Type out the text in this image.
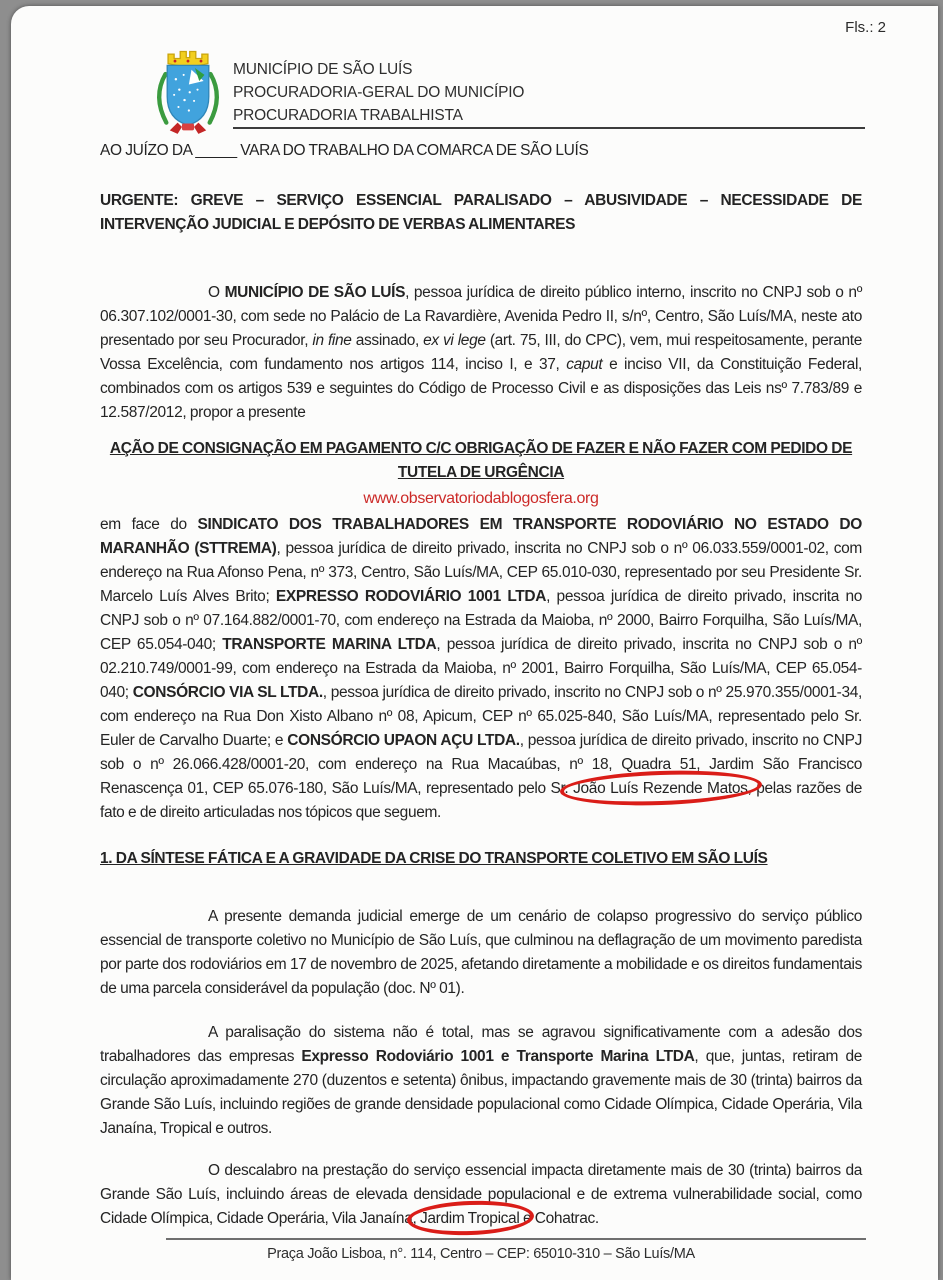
Fls.: 2
MUNICÍPIO DE SÃO LUÍS
PROCURADORIA-GERAL DO MUNICÍPIO
PROCURADORIA TRABALHISTA

AO JUÍZO DA _____ VARA DO TRABALHO DA COMARCA DE SÃO LUÍS

URGENTE: GREVE – SERVIÇO ESSENCIAL PARALISADO – ABUSIVIDADE – NECESSIDADE DE INTERVENÇÃO JUDICIAL E DEPÓSITO DE VERBAS ALIMENTARES

O MUNICÍPIO DE SÃO LUÍS, pessoa jurídica de direito público interno, inscrito no CNPJ sob o nº 06.307.102/0001-30, com sede no Palácio de La Ravardière, Avenida Pedro II, s/nº, Centro, São Luís/MA, neste ato presentado por seu Procurador, in fine assinado, ex vi lege (art. 75, III, do CPC), vem, mui respeitosamente, perante Vossa Excelência, com fundamento nos artigos 114, inciso I, e 37, caput e inciso VII, da Constituição Federal, combinados com os artigos 539 e seguintes do Código de Processo Civil e as disposições das Leis nsº 7.783/89 e 12.587/2012, propor a presente

AÇÃO DE CONSIGNAÇÃO EM PAGAMENTO C/C OBRIGAÇÃO DE FAZER E NÃO FAZER COM PEDIDO DE TUTELA DE URGÊNCIA

www.observatoriodablogosfera.org

em face do SINDICATO DOS TRABALHADORES EM TRANSPORTE RODOVIÁRIO NO ESTADO DO MARANHÃO (STTREMA), pessoa jurídica de direito privado, inscrita no CNPJ sob o nº 06.033.559/0001-02, com endereço na Rua Afonso Pena, nº 373, Centro, São Luís/MA, CEP 65.010-030, representado por seu Presidente Sr. Marcelo Luís Alves Brito; EXPRESSO RODOVIÁRIO 1001 LTDA, pessoa jurídica de direito privado, inscrita no CNPJ sob o nº 07.164.882/0001-70, com endereço na Estrada da Maioba, nº 2000, Bairro Forquilha, São Luís/MA, CEP 65.054-040; TRANSPORTE MARINA LTDA, pessoa jurídica de direito privado, inscrita no CNPJ sob o nº 02.210.749/0001-99, com endereço na Estrada da Maioba, nº 2001, Bairro Forquilha, São Luís/MA, CEP 65.054-040; CONSÓRCIO VIA SL LTDA., pessoa jurídica de direito privado, inscrito no CNPJ sob o nº 25.970.355/0001-34, com endereço na Rua Don Xisto Albano nº 08, Apicum, CEP nº 65.025-840, São Luís/MA, representado pelo Sr. Euler de Carvalho Duarte; e CONSÓRCIO UPAON AÇU LTDA., pessoa jurídica de direito privado, inscrito no CNPJ sob o nº 26.066.428/0001-20, com endereço na Rua Macaúbas, nº 18, Quadra 51, Jardim São Francisco Renascença 01, CEP 65.076-180, São Luís/MA, representado pelo Sr. João Luís Rezende Matos, pelas razões de fato e de direito articuladas nos tópicos que seguem.

1. DA SÍNTESE FÁTICA E A GRAVIDADE DA CRISE DO TRANSPORTE COLETIVO EM SÃO LUÍS

A presente demanda judicial emerge de um cenário de colapso progressivo do serviço público essencial de transporte coletivo no Município de São Luís, que culminou na deflagração de um movimento paredista por parte dos rodoviários em 17 de novembro de 2025, afetando diretamente a mobilidade e os direitos fundamentais de uma parcela considerável da população (doc. Nº 01).

A paralisação do sistema não é total, mas se agravou significativamente com a adesão dos trabalhadores das empresas Expresso Rodoviário 1001 e Transporte Marina LTDA, que, juntas, retiram de circulação aproximadamente 270 (duzentos e setenta) ônibus, impactando gravemente mais de 30 (trinta) bairros da Grande São Luís, incluindo regiões de grande densidade populacional como Cidade Olímpica, Cidade Operária, Vila Janaína, Tropical e outros.

O descalabro na prestação do serviço essencial impacta diretamente mais de 30 (trinta) bairros da Grande São Luís, incluindo áreas de elevada densidade populacional e de extrema vulnerabilidade social, como Cidade Olímpica, Cidade Operária, Vila Janaína, Jardim Tropical e Cohatrac.

Praça João Lisboa, n°. 114, Centro – CEP: 65010-310 – São Luís/MA
